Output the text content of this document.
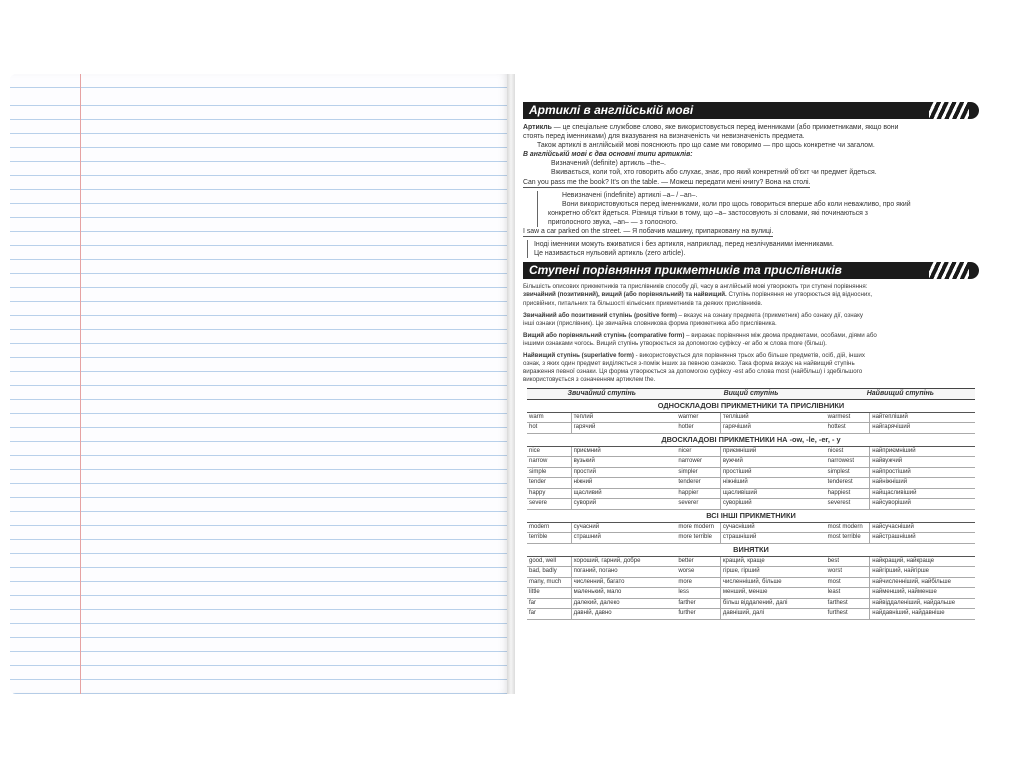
Артиклі в англійській мові

Артикль — це спеціальне службове слово, яке використовується перед іменниками (або прикметниками, якщо вони

стоять перед іменниками) для вказування на визначеність чи невизначеність предмета.

Також артиклі в англійській мові пояснюють про що саме ми говоримо — про щось конкретне чи загалом.

В англійській мові є два основні типи артиклів:

Визначений (definite) артикль –the–.

Вживається, коли той, хто говорить або слухає, знає, про який конкретний об'єкт чи предмет йдеться.

Can you pass me the book? It's on the table. — Можеш передати мені книгу? Вона на столі.

Невизначені (indefinite) артиклі –a– / –an–.

Вони використовуються перед іменниками, коли про щось говориться вперше або коли неважливо, про який

конкретно об'єкт йдеться. Різниця тільки в тому, що –a– застосовують зі словами, які починаються з

приголосного звука, –an– — з голосного.

I saw a car parked on the street. — Я побачив машину, припарковану на вулиці.

Іноді іменники можуть вживатися і без артикля, наприклад, перед незлічуваними іменниками.

Це називається нульовий артикль (zero article).

Ступені порівняння прикметників та прислівників

Більшість описових прикметників та прислівників способу дії, часу в англійській мові утворюють три ступені порівняння:
звичайний (позитивний), вищий (або порівняльний) та найвищий. Ступінь порівняння не утворюється від відносних,
присвійних, питальних та більшості кількісних прикметників та деяких прислівників.

Звичайний або позитивний ступінь (positive form) – вказує на ознаку предмета (прикметник) або ознаку дії, ознаку
інші ознаки (прислівник). Це звичайна словникова форма прикметника або прислівника.

Вищий або порівняльний ступінь (comparative form) – виражає порівняння між двома предметами, особами, діями або
іншими ознаками чогось. Вищий ступінь утворюється за допомогою суфіксу -er або ж слова more (більш).

Найвищий ступінь (superlative form) - використовується для порівняння трьох або більше предметів, осіб, дій, інших
ознак, з яких один предмет виділяється з-поміж інших за певною ознакою. Така форма вказує на найвищий ступінь
вираження певної ознаки. Ця форма утворюється за допомогою суфіксу -est або слова most (найбільш) і здебільшого
використовується з означенням артиклем the.

Звичайний ступінь		Вищий ступінь		Найвищий ступінь	
ОДНОСКЛАДОВІ ПРИКМЕТНИКИ ТА ПРИСЛІВНИКИ					
warm	теплий	warmer	тепліший	warmest	найтепліший
hot	гарячий	hotter	гарячіший	hottest	найгарячіший
ДВОСКЛАДОВІ ПРИКМЕТНИКИ НА -ow, -le, -er, - y					
nice	приємний	nicer	приємніший	nicest	найприємніший
narrow	вузький	narrower	вужчий	narrowest	найвужчий
simple	простий	simpler	простіший	simplest	найпростіший
tender	ніжний	tenderer	ніжніший	tenderest	найніжніший
happy	щасливий	happier	щасливіший	happiest	найщасливіший
severe	суворий	severer	суворіший	severest	найсуворіший
ВСІ ІНШІ ПРИКМЕТНИКИ					
modern	сучасний	more modern	сучасніший	most modern	найсучасніший
terrible	страшний	more terrible	страшніший	most terrible	найстрашніший
ВИНЯТКИ					
good, well	хороший, гарний, добре	better	кращий, краще	best	найкращий, найкраще
bad, badly	поганий, погано	worse	гірше, гірший	worst	найгірший, найгірше
many, much	численний, багато	more	численніший, більше	most	найчисленніший, найбільше
little	маленький, мало	less	менший, менше	least	найменший, найменше
far	далекий, далеко	farther	більш віддалений, далі	farthest	найвіддаленіший, найдальше
far	давній, давно	further	давніший, далі	furthest	найдавніший, найдавніше
